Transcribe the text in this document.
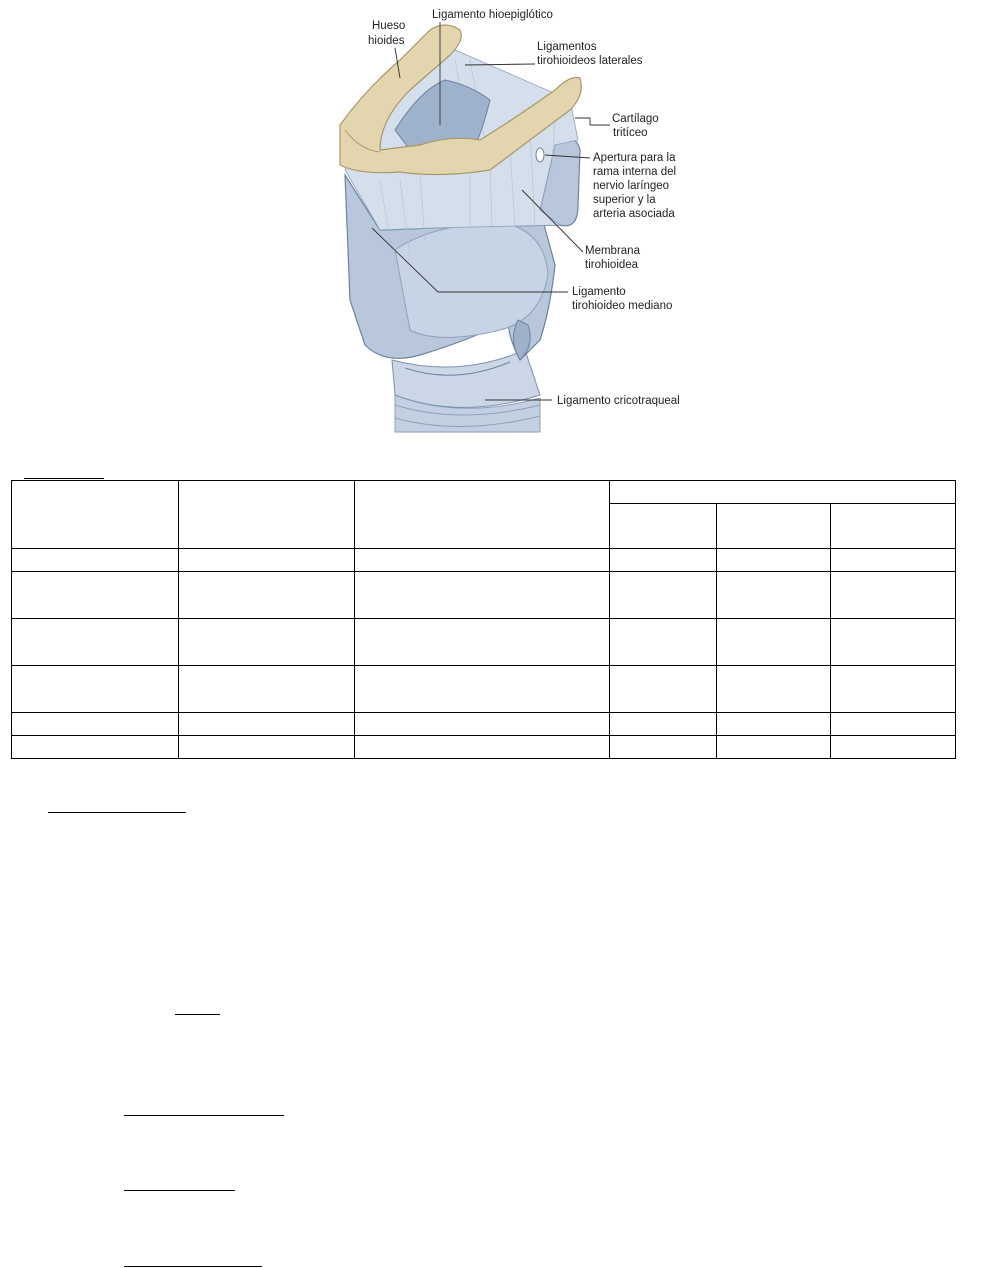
Hueso
hioides
Ligamento hioepiglótico
Ligamentos
tirohioideos laterales
Cartílago
tritíceo
Apertura para la
rama interna del
nervio laríngeo
superior y la
arteria asociada
Membrana
tirohioidea
Ligamento
tirohioideo mediano
Ligamento cricotraqueal
